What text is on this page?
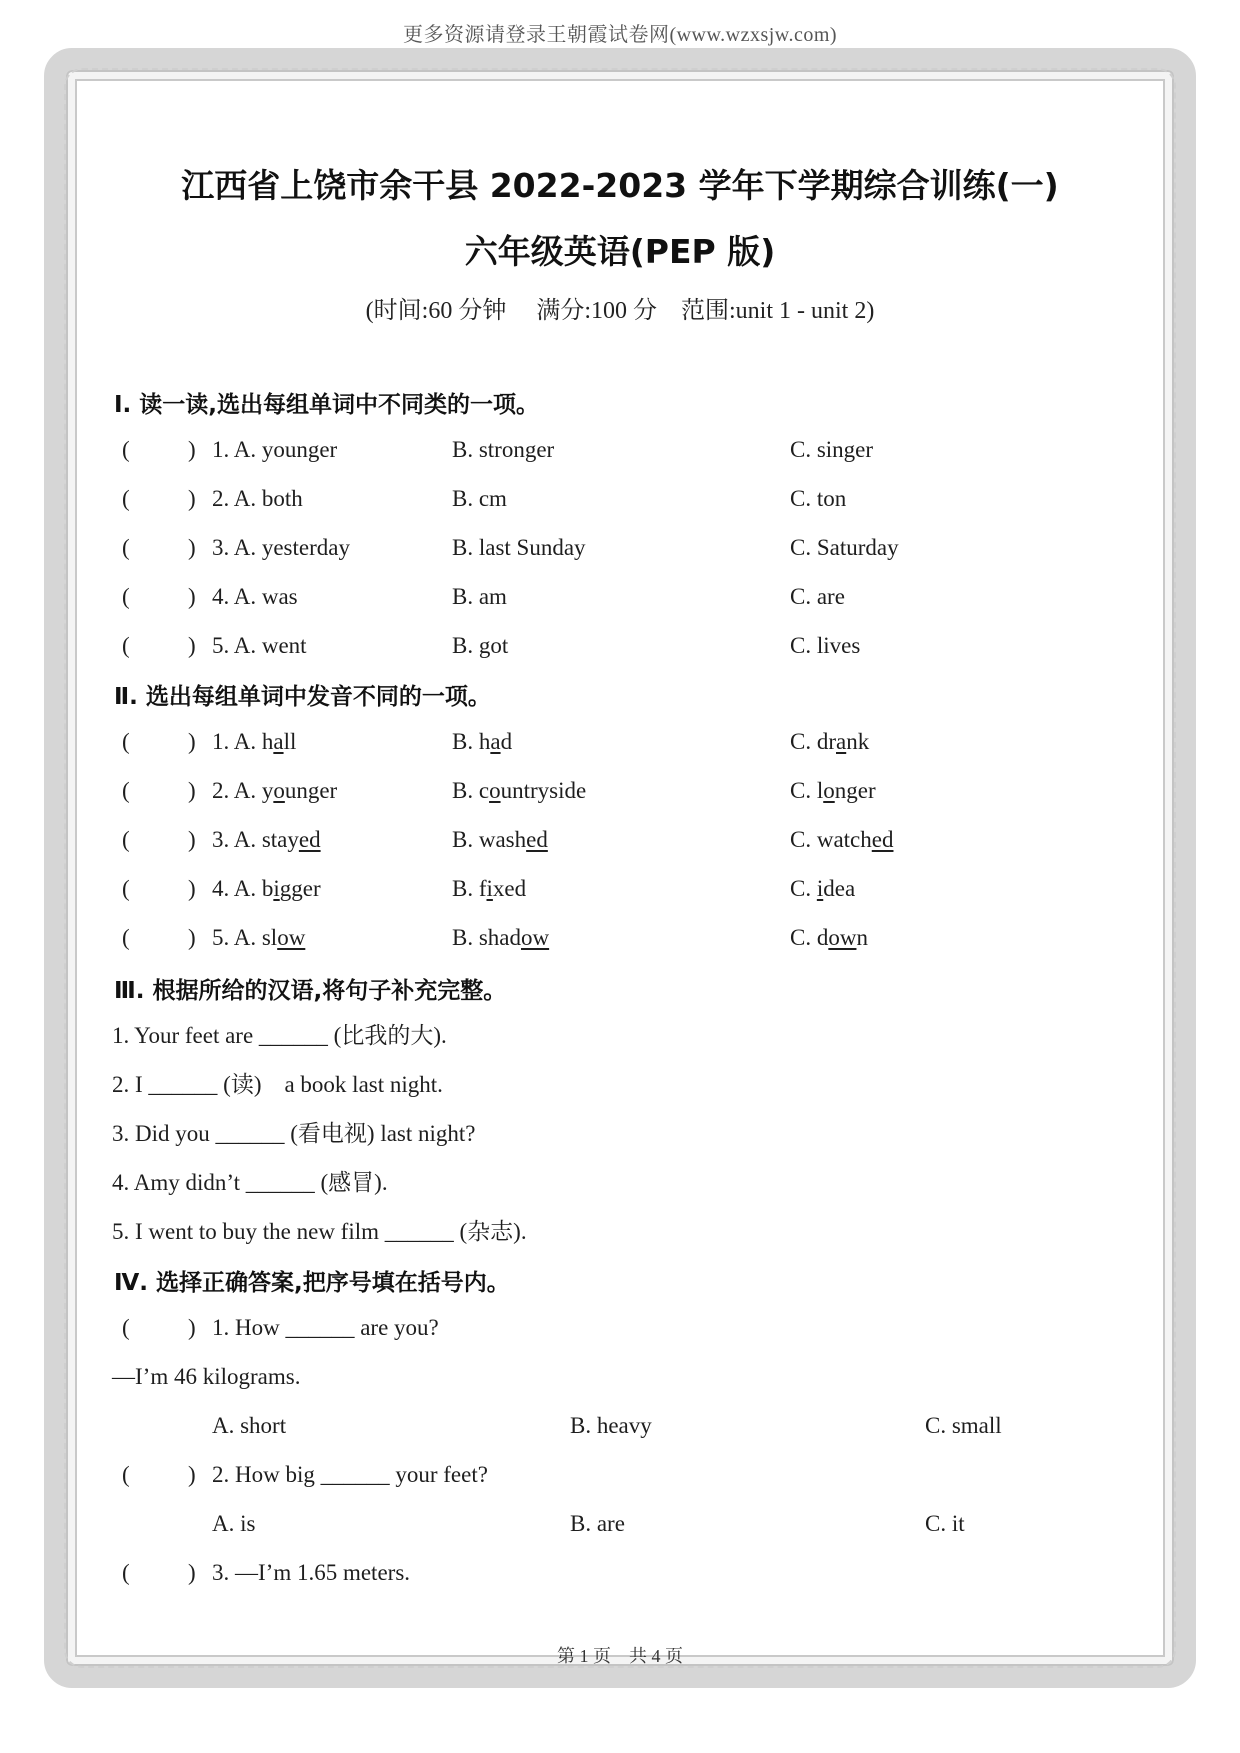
更多资源请登录王朝霞试卷网(www.wzxsjw.com)
江西省上饶市余干县 2022-2023 学年下学期综合训练(一)
六年级英语(PEP 版)
(时间:60 分钟　 满分:100 分　范围:unit 1 - unit 2)
Ⅰ. 读一读,选出每组单词中不同类的一项。
(	) 1. A. younger	B. stronger	C. singer
(	) 2. A. both	B. cm	C. ton
(	) 3. A. yesterday	B. last Sunday	C. Saturday
(	) 4. A. was	B. am	C. are
(	) 5. A. went	B. got	C. lives
Ⅱ. 选出每组单词中发音不同的一项。
(	) 1. A. hall	B. had	C. drank
(	) 2. A. younger	B. countryside	C. longer
(	) 3. A. stayed	B. washed	C. watched
(	) 4. A. bigger	B. fixed	C. idea
(	) 5. A. slow	B. shadow	C. down
Ⅲ. 根据所给的汉语,将句子补充完整。
1. Your feet are ______ (比我的大).
2. I ______ (读)　a book last night.
3. Did you ______ (看电视) last night?
4. Amy didn’t ______ (感冒).
5. I went to buy the new film ______ (杂志).
Ⅳ. 选择正确答案,把序号填在括号内。
(	) 1. How ______ are you?
—I’m 46 kilograms.
A. short	B. heavy	C. small
(	) 2. How big ______ your feet?
A. is	B. are	C. it
(	) 3. —I’m 1.65 meters.
第 1 页　共 4 页
